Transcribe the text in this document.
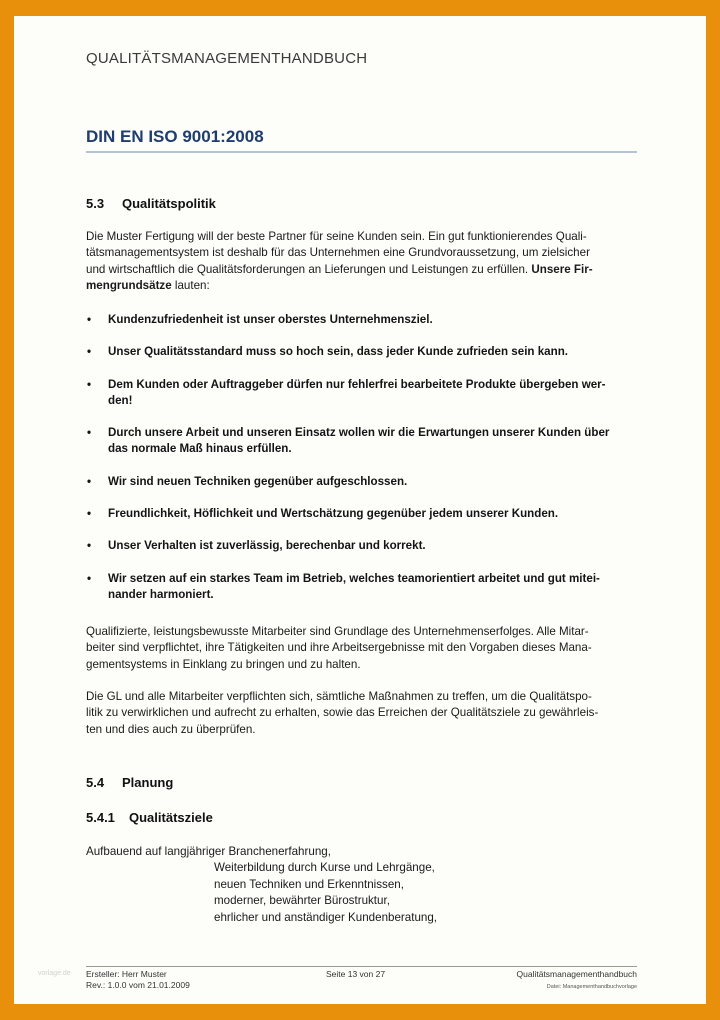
vorlage.de
QUALITÄTSMANAGEMENTHANDBUCH
DIN EN ISO 9001:2008
5.3 Qualitätspolitik

Die Muster Fertigung will der beste Partner für seine Kunden sein. Ein gut funktionierendes Quali-
tätsmanagementsystem ist deshalb für das Unternehmen eine Grundvoraussetzung, um zielsicher
und wirtschaftlich die Qualitätsforderungen an Lieferungen und Leistungen zu erfüllen. Unsere Fir-
mengrundsätze lauten:

• Kundenzufriedenheit ist unser oberstes Unternehmensziel.
• Unser Qualitätsstandard muss so hoch sein, dass jeder Kunde zufrieden sein kann.
• Dem Kunden oder Auftraggeber dürfen nur fehlerfrei bearbeitete Produkte übergeben wer-
den!
• Durch unsere Arbeit und unseren Einsatz wollen wir die Erwartungen unserer Kunden über
das normale Maß hinaus erfüllen.
• Wir sind neuen Techniken gegenüber aufgeschlossen.
• Freundlichkeit, Höflichkeit und Wertschätzung gegenüber jedem unserer Kunden.
• Unser Verhalten ist zuverlässig, berechenbar und korrekt.
• Wir setzen auf ein starkes Team im Betrieb, welches teamorientiert arbeitet und gut mitei-
nander harmoniert.

Qualifizierte, leistungsbewusste Mitarbeiter sind Grundlage des Unternehmenserfolges. Alle Mitar-
beiter sind verpflichtet, ihre Tätigkeiten und ihre Arbeitsergebnisse mit den Vorgaben dieses Mana-
gementsystems in Einklang zu bringen und zu halten.

Die GL und alle Mitarbeiter verpflichten sich, sämtliche Maßnahmen zu treffen, um die Qualitätspo-
litik zu verwirklichen und aufrecht zu erhalten, sowie das Erreichen der Qualitätsziele zu gewährleis-
ten und dies auch zu überprüfen.

5.4 Planung
5.4.1 Qualitätsziele

Aufbauend auf langjähriger Branchenerfahrung,

Weiterbildung durch Kurse und Lehrgänge,
neuen Techniken und Erkenntnissen,
moderner, bewährter Bürostruktur,
ehrlicher und anständiger Kundenberatung,
Ersteller: Herr Muster
Rev.: 1.0.0 vom 21.01.2009
Seite 13 von 27	Qualitätsmanagementhandbuch
Datei: Managementhandbuchvorlage
